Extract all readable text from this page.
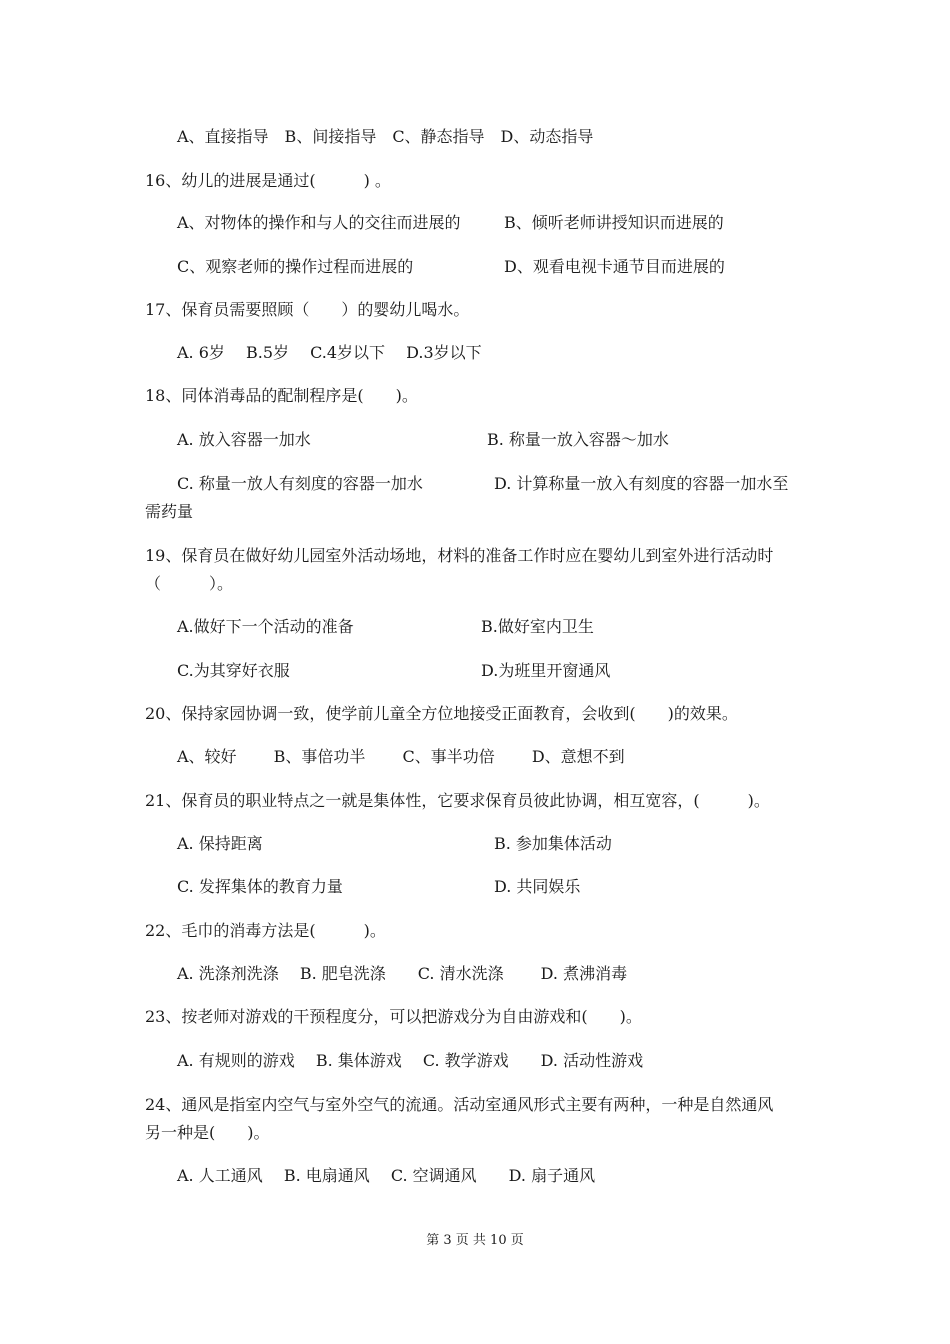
A、直接指导　B、间接指导　C、静态指导　D、动态指导
16、幼儿的进展是通过(　　　) 。
A、对物体的操作和与人的交往而进展的	B、倾听老师讲授知识而进展的
C、观察老师的操作过程而进展的	D、观看电视卡通节目而进展的
17、保育员需要照顾（　　）的婴幼儿喝水。
A. 6岁　 B.5岁　 C.4岁以下　 D.3岁以下
18、同体消毒品的配制程序是(　　)。
A. 放入容器一加水	B. 称量一放入容器～加水
C. 称量一放人有刻度的容器一加水	D. 计算称量一放入有刻度的容器一加水至
需药量
19、保育员在做好幼儿园室外活动场地，材料的准备工作时应在婴幼儿到室外进行活动时
（　　　）。
A.做好下一个活动的准备	B.做好室内卫生
C.为其穿好衣服	D.为班里开窗通风
20、保持家园协调一致，使学前儿童全方位地接受正面教育，会收到(　　)的效果。
A、较好　　 B、事倍功半　　 C、事半功倍　　 D、意想不到
21、保育员的职业特点之一就是集体性，它要求保育员彼此协调，相互宽容，(　　　)。
A. 保持距离	B. 参加集体活动
C. 发挥集体的教育力量	D. 共同娱乐
22、毛巾的消毒方法是(　　　)。
A. 洗涤剂洗涤　 B. 肥皂洗涤　　C. 清水洗涤　　 D. 煮沸消毒
23、按老师对游戏的干预程度分，可以把游戏分为自由游戏和(　　)。
A. 有规则的游戏　 B. 集体游戏　 C. 教学游戏　　D. 活动性游戏
24、通风是指室内空气与室外空气的流通。活动室通风形式主要有两种，一种是自然通风
另一种是(　　)。
A. 人工通风　 B. 电扇通风　 C. 空调通风　　D. 扇子通风
第 3 页 共 10 页
